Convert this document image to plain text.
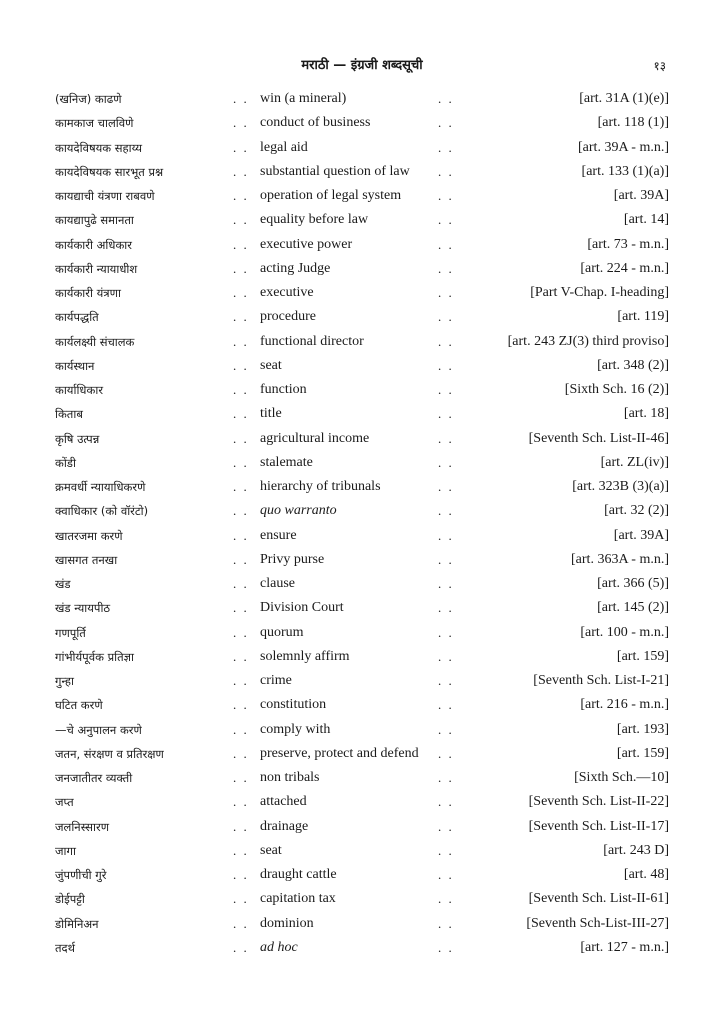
मराठी — इंग्रजी शब्दसूची	१३
(खनिज) काढणे	. . win (a mineral)	. .	[art. 31A (1)(e)]
कामकाज चालविणे	. . conduct of business	. .	[art. 118 (1)]
कायदेविषयक सहाय्य	. . legal aid	. .	[art. 39A - m.n.]
कायदेविषयक सारभूत प्रश्न	. . substantial question of law . .	[art. 133 (1)(a)]
कायद्याची यंत्रणा राबवणे	. . operation of legal system	. .	[art. 39A]
कायद्यापुढे समानता	. . equality before law	. .	[art. 14]
कार्यकारी अधिकार	. . executive power	. .	[art. 73 - m.n.]
कार्यकारी न्यायाधीश	. . acting Judge	. .	[art. 224 - m.n.]
कार्यकारी यंत्रणा	. . executive	. .	[Part V-Chap. I-heading]
कार्यपद्धति	. . procedure	. .	[art. 119]
कार्यलक्ष्यी संचालक	. . functional director	. .	[art. 243 ZJ(3) third proviso]
कार्यस्थान	. . seat	. .	[art. 348 (2)]
कार्याधिकार	. . function	. .	[Sixth Sch. 16 (2)]
किताब	. . title	. .	[art. 18]
कृषि उत्पन्न	. . agricultural income	. .	[Seventh Sch. List-II-46]
कोंडी	. . stalemate	. .	[art. ZL(iv)]
क्रमवर्धी न्यायाधिकरणे	. . hierarchy of tribunals	. .	[art. 323B (3)(a)]
क्वाधिकार (को वॉरंटो)	. . quo warranto	. .	[art. 32 (2)]
खातरजमा करणे	. . ensure	. .	[art. 39A]
खासगत तनखा	. . Privy purse	. .	[art. 363A - m.n.]
खंड	. . clause	. .	[art. 366 (5)]
खंड न्यायपीठ	. . Division Court	. .	[art. 145 (2)]
गणपूर्ति	. . quorum	. .	[art. 100 - m.n.]
गांभीर्यपूर्वक प्रतिज्ञा	. . solemnly affirm	. .	[art. 159]
गुन्हा	. . crime	. .	[Seventh Sch. List-I-21]
घटित करणे	. . constitution	. .	[art. 216 - m.n.]
—चे अनुपालन करणे	. . comply with	. .	[art. 193]
जतन, संरक्षण व प्रतिरक्षण	. . preserve, protect and defend . .	[art. 159]
जनजातीतर व्यक्ती	. . non tribals	. .	[Sixth Sch.—10]
जप्त	. . attached	. .	[Seventh Sch. List-II-22]
जलनिस्सारण	. . drainage	. .	[Seventh Sch. List-II-17]
जागा	. . seat	. .	[art. 243 D]
जुंपणीची गुरे	. . draught cattle	. .	[art. 48]
डोईपट्टी	. . capitation tax	. .	[Seventh Sch. List-II-61]
डोमिनिअन	. . dominion	. .	[Seventh Sch-List-III-27]
तदर्थ	. . ad hoc	. .	[art. 127 - m.n.]
